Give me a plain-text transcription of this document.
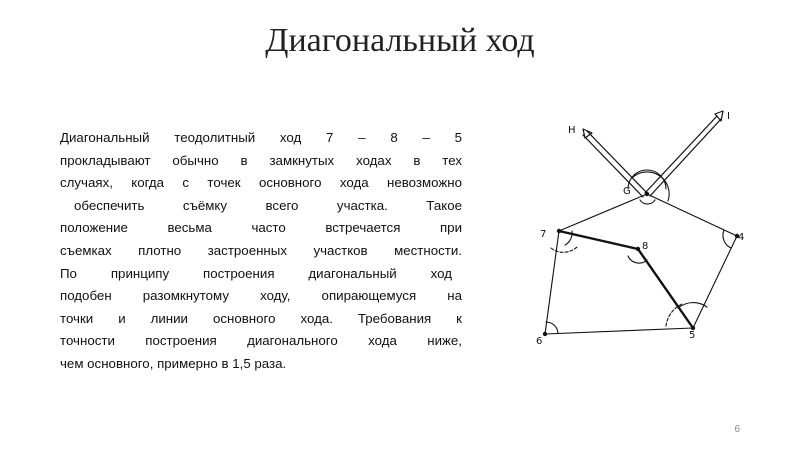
Диагональный ход
Диагональный теодолитный ход 7 – 8 – 5
прокладывают обычно в замкнутых ходах в тех
случаях, когда с точек основного хода невозможно
обеспечить съёмку всего участка. Такое
положение весьма часто встречается при
съемках плотно застроенных участков местности.
По принципу построения диагональный ход
подобен разомкнутому ходу, опирающемуся на
точки и линии основного хода. Требования к
точности построения диагонального хода ниже,
чем основного, примерно в 1,5 раза.
H
I
G
7
8
4
5
6
6
